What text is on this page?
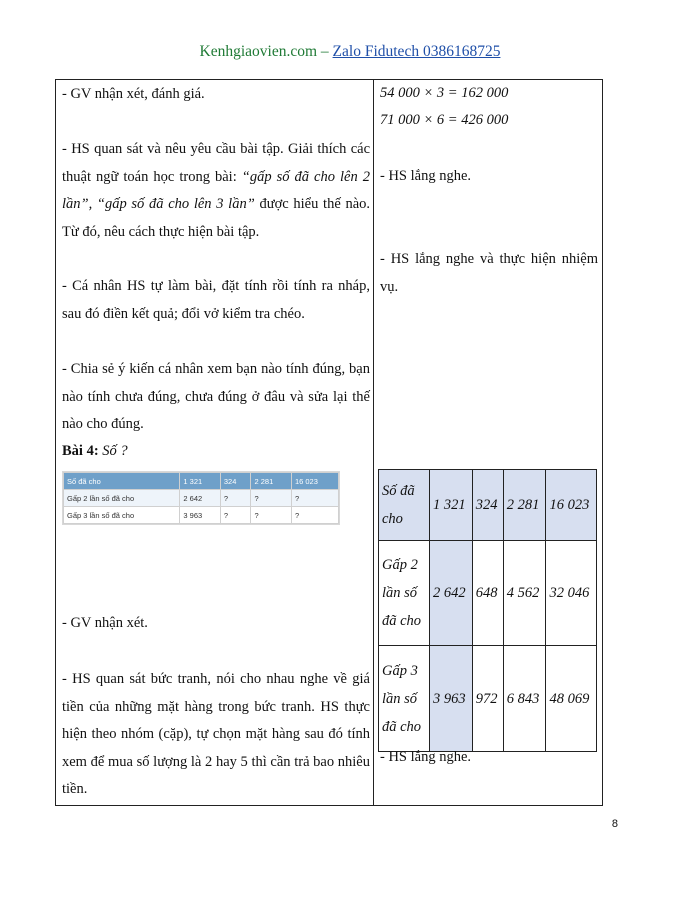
Kenhgiaovien.com – Zalo Fidutech 0386168725

- GV nhận xét, đánh giá.

- HS quan sát và nêu yêu cầu bài tập. Giải thích các thuật ngữ toán học trong bài: “gấp số đã cho lên 2 lần”, “gấp số đã cho lên 3 lần” được hiểu thế nào. Từ đó, nêu cách thực hiện bài tập.

- Cá nhân HS tự làm bài, đặt tính rồi tính ra nháp, sau đó điền kết quả; đổi vở kiểm tra chéo.

- Chia sẻ ý kiến cá nhân xem bạn nào tính đúng, bạn nào tính chưa đúng, chưa đúng ở đâu và sửa lại thế nào cho đúng.

Bài 4: Số ?

Số đã cho	1 321	324	2 281	16 023
Gấp 2 lần số đã cho	2 642	?	?	?
Gấp 3 lần số đã cho	3 963	?	?	?

- GV nhận xét.

- HS quan sát bức tranh, nói cho nhau nghe về giá tiền của những mặt hàng trong bức tranh. HS thực hiện theo nhóm (cặp), tự chọn mặt hàng sau đó tính xem để mua số lượng là 2 hay 5 thì cần trả bao nhiêu tiền.

54 000 × 3 = 162 000

71 000 × 6 = 426 000

- HS lắng nghe.

- HS lắng nghe và thực hiện nhiệm vụ.

Số đã cho	1 321	324	2 281	16 023
Gấp 2 lần số đã cho	2 642	648	4 562	32 046
Gấp 3 lần số đã cho	3 963	972	6 843	48 069

- HS lắng nghe.

8
